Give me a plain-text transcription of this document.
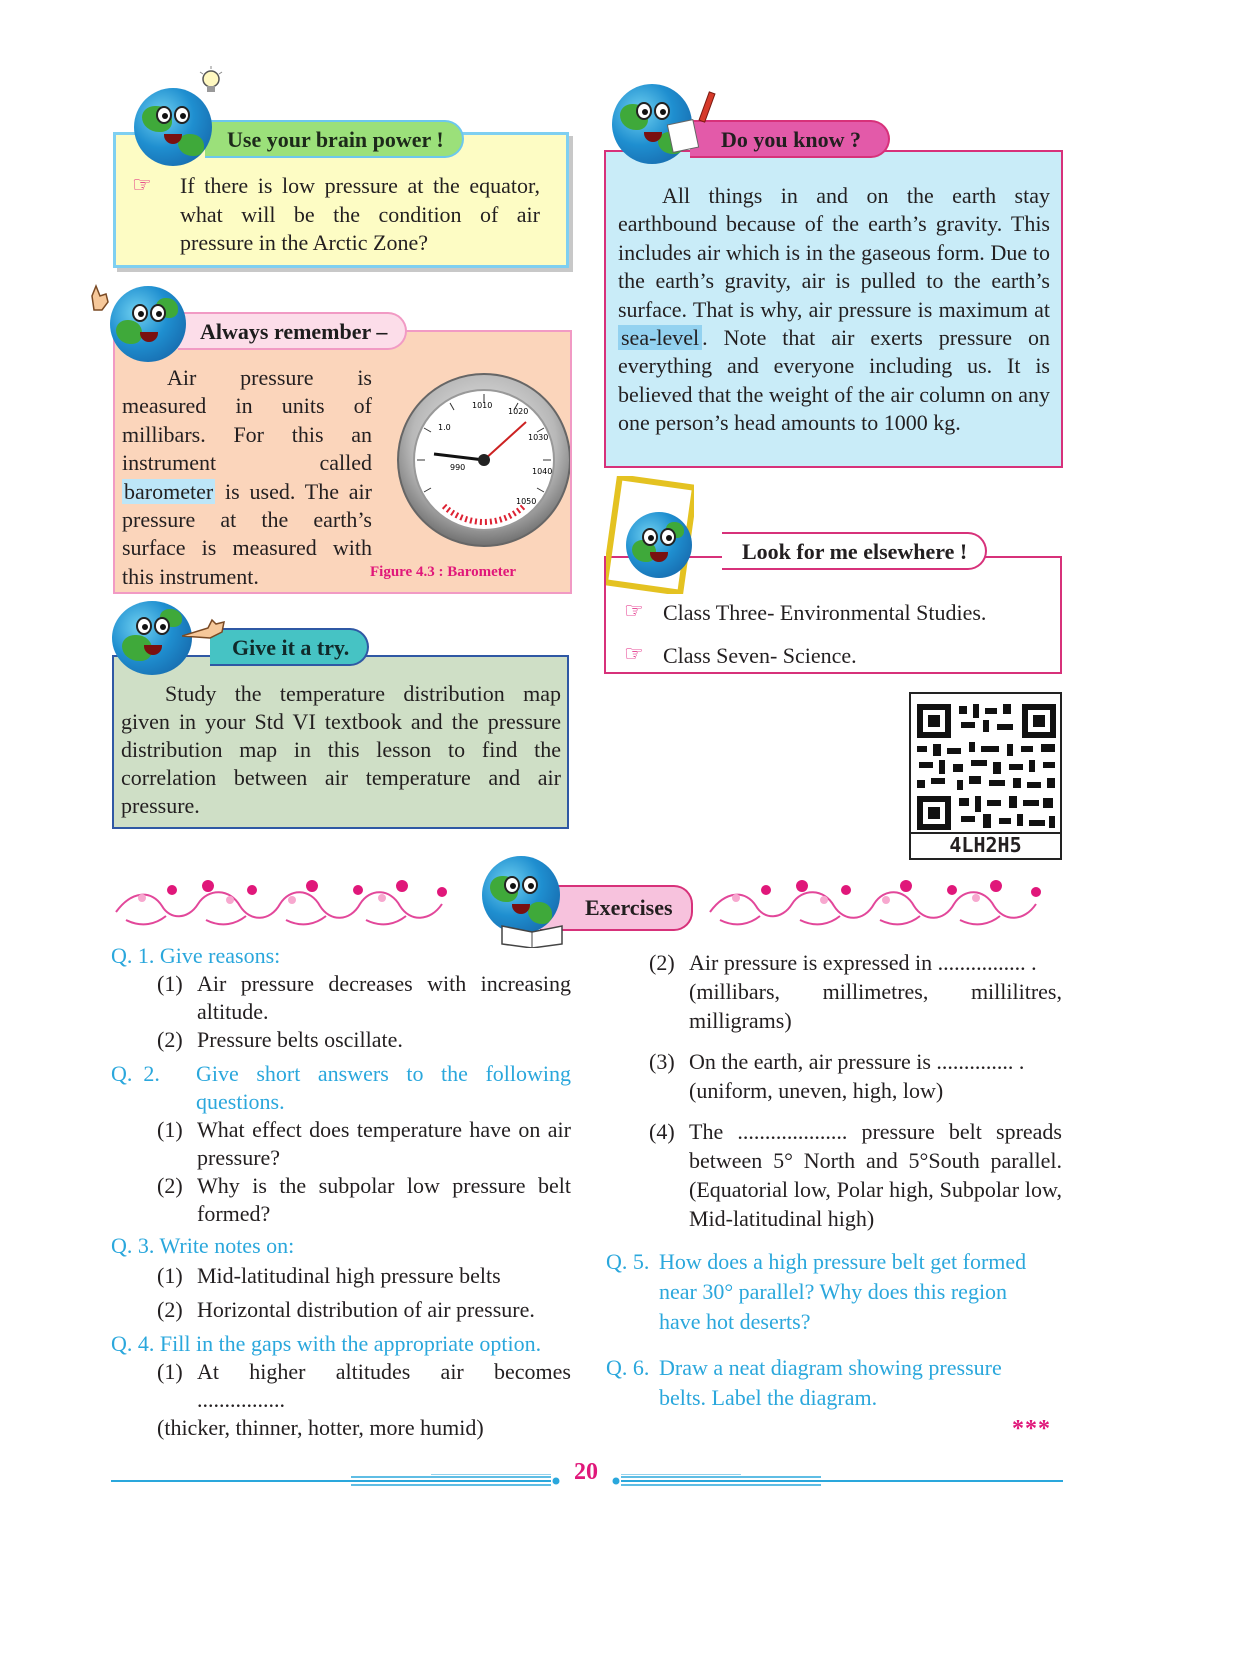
Use your brain power !
☞ If there is low pressure at the equator, what will be the condition of air pressure in the Arctic Zone?
Always remember –
Air pressure is measured in units of millibars. For this an instrument called barometer is used. The air pressure at the earth’s surface is measured with this instrument.
990
1010
1020
1030
1040
1050
1.0
Figure 4.3 : Barometer
Give it a try.
Study the temperature distribution map given in your Std VI textbook and the pressure distribution map in this lesson to find the correlation between air temperature and air pressure.
Do you know ?
All things in and on the earth stay earthbound because of the earth’s gravity. This includes air which is in the gaseous form. Due to the earth’s gravity, air is pulled to the earth’s surface. That is why, air pressure is maximum at sea-level . Note that air exerts pressure on everything and everyone including us. It is believed that the weight of the air column on any one person’s head amounts to 1000 kg.
Look for me elsewhere !
☞ Class Three- Environmental Studies.
☞ Class Seven- Science.
4LH2H5
Exercises
Q. 1. Give reasons:
(1) Air pressure decreases with increasing altitude.
(2) Pressure belts oscillate.
Q.  2.	Give short answers to the following questions.
(1) What effect does temperature have on air pressure?
(2) Why is the subpolar low pressure belt formed?
Q. 3. Write notes on:
(1) Mid-latitudinal high pressure belts
(2) Horizontal distribution of air pressure.
Q. 4. Fill in the gaps with the appropriate option.
(1) At higher altitudes air becomes ................
(thicker, thinner, hotter, more humid)
(2) Air pressure is expressed in ................ .

(millibars, millimetres, millilitres, milligrams)
(3) On the earth, air pressure is .............. .
(uniform, uneven, high, low)
(4) The .................... pressure belt spreads between 5° North and 5°South parallel. (Equatorial low, Polar high, Subpolar low, Mid-latitudinal high)
Q. 5. How does a high pressure belt get formed near 30° parallel? Why does this region have hot deserts?
Q. 6. Draw a neat diagram showing pressure belts. Label the diagram.
***
20
